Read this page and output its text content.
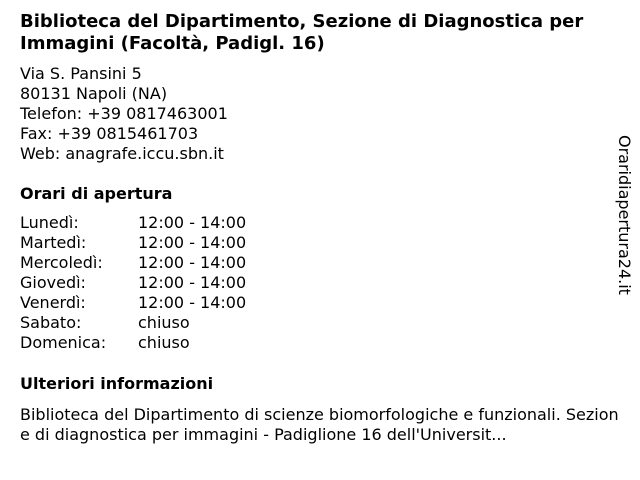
Biblioteca del Dipartimento, Sezione di Diagnostica per Immagini (Facoltà, Padigl. 16)
Via S. Pansini 5
80131 Napoli (NA)
Telefon: +39 0817463001
Fax: +39 0815461703
Web: anagrafe.iccu.sbn.it
Orari di apertura
Lunedì:	12:00 - 14:00
Martedì:	12:00 - 14:00
Mercoledì: 12:00 - 14:00
Giovedì:	12:00 - 14:00
Venerdì:	12:00 - 14:00
Sabato:	chiuso
Domenica: chiuso
Ulteriori informazioni

Biblioteca del Dipartimento di scienze biomorfologiche e funzionali. Sezione di diagnostica per immagini - Padiglione 16 dell'Universit...

Oraridiapertura24.it
